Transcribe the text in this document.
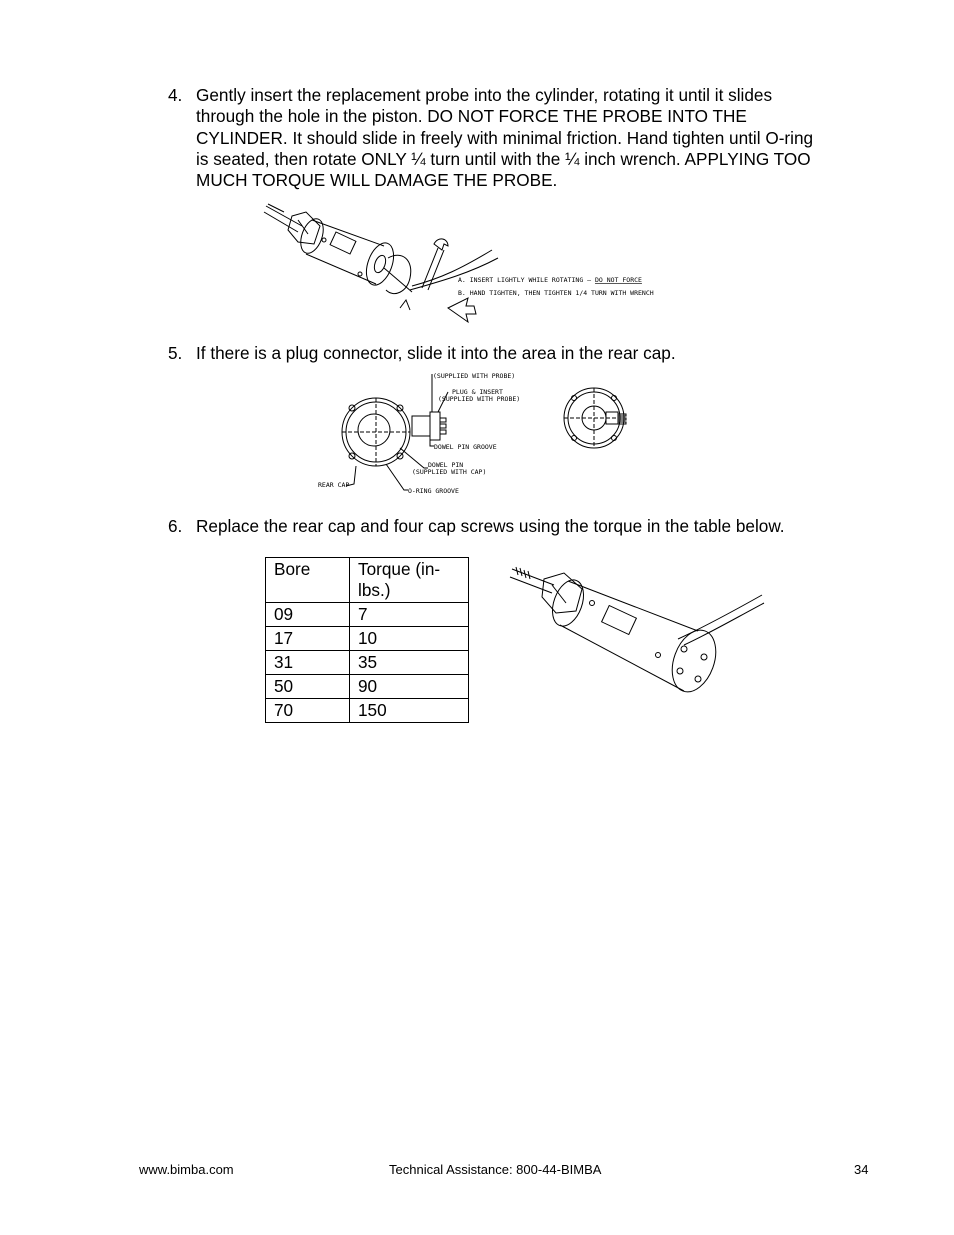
4. Gently insert the replacement probe into the cylinder, rotating it until it slides through the hole in the piston. DO NOT FORCE THE PROBE INTO THE CYLINDER. It should slide in freely with minimal friction. Hand tighten until O-ring is seated, then rotate ONLY ¼ turn until with the ¼ inch wrench. APPLYING TOO MUCH TORQUE WILL DAMAGE THE PROBE.
A. INSERT LIGHTLY WHILE ROTATING – DO NOT FORCE
B. HAND TIGHTEN, THEN TIGHTEN 1/4 TURN WITH WRENCH
5. If there is a plug connector, slide it into the area in the rear cap.
(SUPPLIED WITH PROBE)
PLUG & INSERT
(SUPPLIED WITH PROBE)
DOWEL PIN GROOVE
DOWEL PIN
(SUPPLIED WITH CAP)
REAR CAP
O-RING GROOVE
6. Replace the rear cap and four cap screws using the torque in the table below.
Bore	Torque (in-lbs.)
09	7
17	10
31	35
50	90
70	150
www.bimba.com	Technical Assistance: 800-44-BIMBA	34
